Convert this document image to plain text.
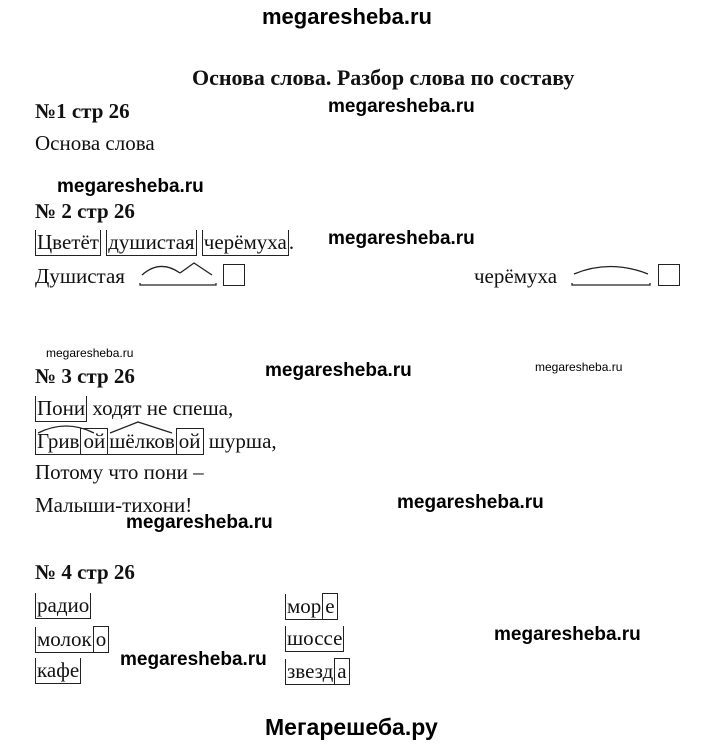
megaresheba.ru
megaresheba.ru
megaresheba.ru
megaresheba.ru
megaresheba.ru
megaresheba.ru	megaresheba.ru
megaresheba.ru
megaresheba.ru
megaresheba.ru
megaresheba.ru
Мегарешеба.ру
Основа слова. Разбор слова по составу
№1 стр 26
Основа слова
№ 2 стр 26
Цветёт душистая черёмуха.
Душистая
	черёмуха

№ 3 стр 26
Пони ходят не спеша,
Грив ой шёлков ой шурша,
Потому что пони –
Малыши-тихони!
№ 4 стр 26
радио
молок о
кафе
мор е
шоссе
звезд а
